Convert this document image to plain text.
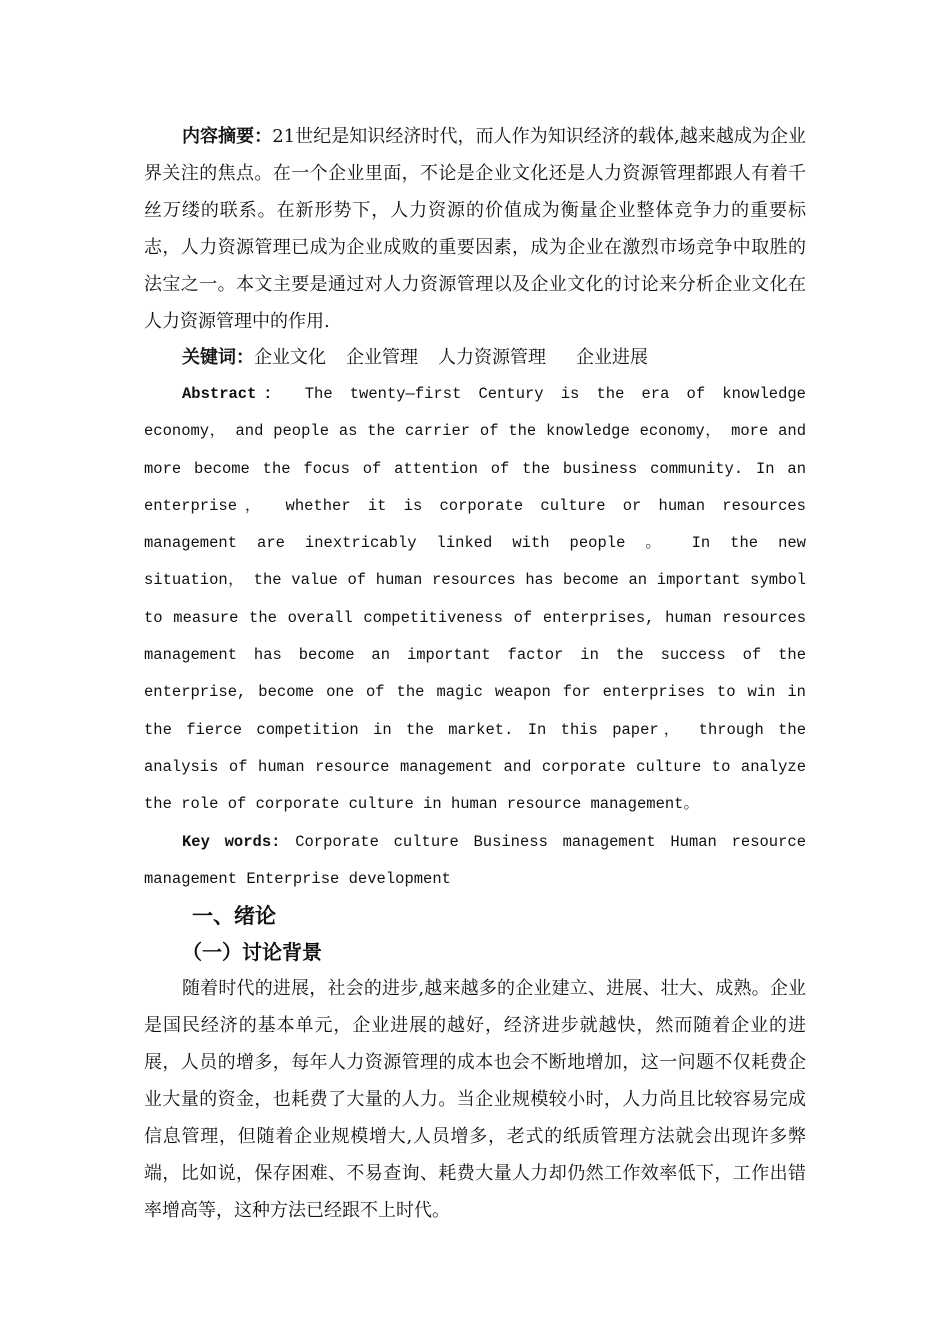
内容摘要：21世纪是知识经济时代，而人作为知识经济的载体,越来越成为企业界关注的焦点。在一个企业里面，不论是企业文化还是人力资源管理都跟人有着千丝万缕的联系。在新形势下，人力资源的价值成为衡量企业整体竞争力的重要标志，人力资源管理已成为企业成败的重要因素，成为企业在激烈市场竞争中取胜的法宝之一。本文主要是通过对人力资源管理以及企业文化的讨论来分析企业文化在人力资源管理中的作用.

关键词：企业文化 企业管理 人力资源管理 企业进展

Abstract： The twenty—first Century is the era of knowledge economy， and people as the carrier of the knowledge economy， more and more become the focus of attention of the business community. In an enterprise， whether it is corporate culture or human resources management are inextricably linked with people 。 In the new situation， the value of human resources has become an important symbol to measure the overall competitiveness of enterprises, human resources management has become an important factor in the success of the enterprise, become one of the magic weapon for enterprises to win in the fierce competition in the market. In this paper， through the analysis of human resource management and corporate culture to analyze the role of corporate culture in human resource management。

Key words: Corporate culture Business management Human resource management Enterprise development

一、绪论

（一）讨论背景

随着时代的进展，社会的进步,越来越多的企业建立、进展、壮大、成熟。企业是国民经济的基本单元，企业进展的越好，经济进步就越快，然而随着企业的进展，人员的增多，每年人力资源管理的成本也会不断地增加，这一问题不仅耗费企业大量的资金，也耗费了大量的人力。当企业规模较小时，人力尚且比较容易完成信息管理，但随着企业规模增大,人员增多，老式的纸质管理方法就会出现许多弊端，比如说，保存困难、不易查询、耗费大量人力却仍然工作效率低下，工作出错率增高等，这种方法已经跟不上时代。
